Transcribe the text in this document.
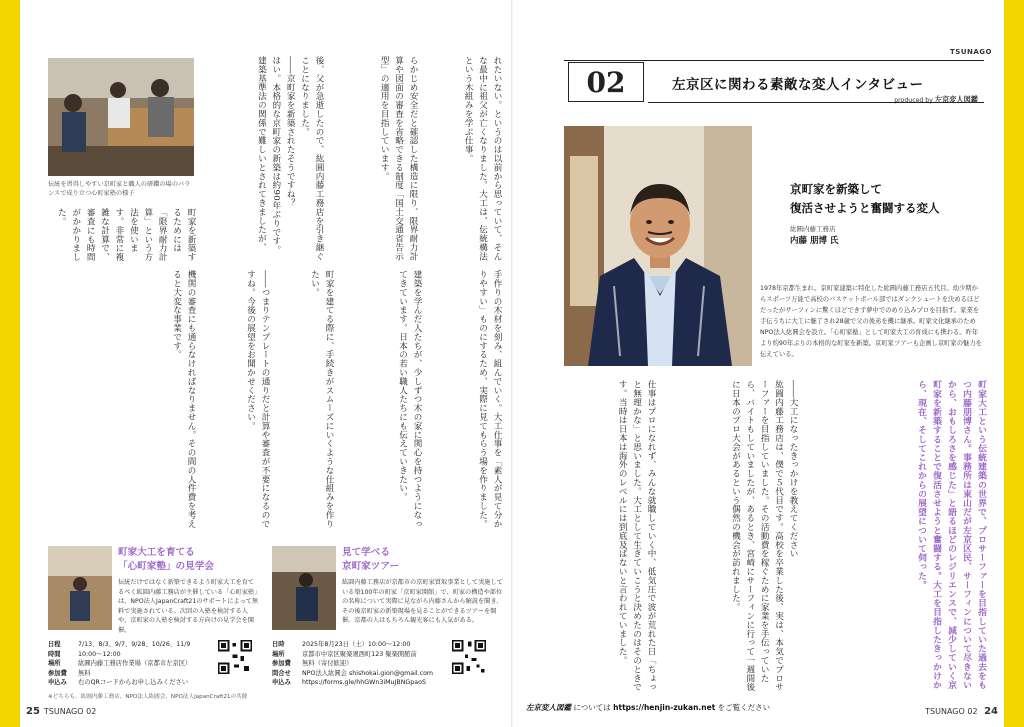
伝統を習得しやすい京町家と職人の研鑽の場のバランスで成り立つ心町家塾の様子	後、父が急逝したので、紘圓内藤工務店を引き継ぐことになりました。
――京町家を新築されたそうですね？
はい。本格的な京町家の新築は約90年ぶりです。建築基準法の関係で難しいとされてきましたが、	らかじめ安全だと確認した構造に限り、限界耐力計算や図面の審査を省略できる制度「国土交通省告示型」の適用を目指しています。	れたいない。というのは以前から思っていて、そんな最中に祖父が亡くなりました。大工は、伝統構法という木組みを学ぶ仕事。
町家を新築するためには「限界耐力計算」という方法を使います。非常に複雑な計算で、審査にも時間がかかりました。
機関の審査にも通らなければなりません。その間の人件費を考えると大変な事業です。	――つまりテンプレートの通りだと計算や審査が不要になるのですね。今後の展望をお聞かせください。	町家を建てる際に、手続きがスムーズにいくような仕組みを作りたい。	建築を学んだ人たちが、少しずつ木の家に関心を持つようになってきています。日本の若い職人たちにも伝えていきたい。	手作りの木材を刻み、組んでいく。大工仕事を「素人が見て分かりやすい」ものにするため、実際に見てもらう場を作りました。
町家大工を育てる
「心町家塾」の見学会
伝統だけではなく新築できるよう町家大工を育てるべく紘圓内藤工務店が主催している「心町家塾」は、NPO法人JapanCraft21のサポートによって無料で実施されている。次回の入塾を検討する人や、京町家の人塾を検討する方向けの見学会を開催。
日程	7/13、8/3、9/7、9/28、10/26、11/9
時間	10:00〜12:00
場所	紘圓内藤工務店作業場（京都市左京区）
参加費 無料
申込み 右のQRコードからお申し込みください
※どちらも、紘圓内藤工務店、NPO法人紘圓会、NPO法人JapanCraft21の共催
見て学べる
京町家ツアー
紘圓内藤工務店が京都市の京町家買取事業として実施している築100年の町家「京町家開館」で、町家の構造や部位の名称について実際に見ながら内藤さんから解説を聞き、その後京町家の新築現場を見ることができるツアーを開催。京都の人はもちろん観光客にも人気がある。
日時	2025年8月23日（土）10:00〜12:00
場所	京都市中京区聚楽廻西町123 聚楽開館前
参加費 無料（寄付歓迎）
問合せ NPO法人紘圓会 shishokai.gion@gmail.com
申込み https://forms.gle/hhGWn3iMuJBNGpaoS
25 TSUNAGO 02
TSUNAGO
02	左京区に関わる素敵な変人インタビュー
produced by 左京変人図鑑
京町家を新築して
復活させようと奮闘する変人
紘圓内藤工務店
内藤 朋博 氏
1978年京都生まれ。京町家建築に特化した紘圓内藤工務店五代目。幼少期からスポーツ万能で高校のバスケットボール部ではダンクシュートを決めるほどだったがサーフィンに驚くほどできず夢中でのめり込みプロを目指す。家業を手伝うちに大工に魅了され28歳で父の後弟を機に継承。町家文化継承のためNPO法人紘圓会を設立。「心町家塾」として町家大工の育成にも携わる。昨年より約90年ぶりの本格的な町家を新築。京町家ツアーも企画し京町家の魅力を伝えている。
町家大工という伝統建築の世界で、プロサーファーを目指していた過去をもつ内藤朋博さん。事務所は東山だが左京区民、サーフィンについて尽きないから、おもしろさを感じた」と語るほどのレジリエンスで、減少していく京町家を新築することで復活させようと奮闘する。大工を目指したきっかけから、現在、そしてこれからの展望について伺った。
――大工になったきっかけを教えてください
紘圓内藤工務店は、僕で５代目です。高校を卒業した後、実は、本気でプロサーファーを目指していました。その活動費を稼ぐために家業を手伝っていたら、バイトもしていましたが、あるとき、宮崎にサーフィンに行って一週間後に日本のプロ大会があるという偶然の機会が訪れました。
仕事はプロになれず、みんな就職していく中、低気圧で波が荒れた日「ちょっと無理かな」と思いました。大工として生きていこうと決めたのはそのときです。当時は日本は海外のレベルには到底及ばないと言われていました。
左京変人図鑑 については https://henjin-zukan.net をご覧ください	TSUNAGO 02 24
